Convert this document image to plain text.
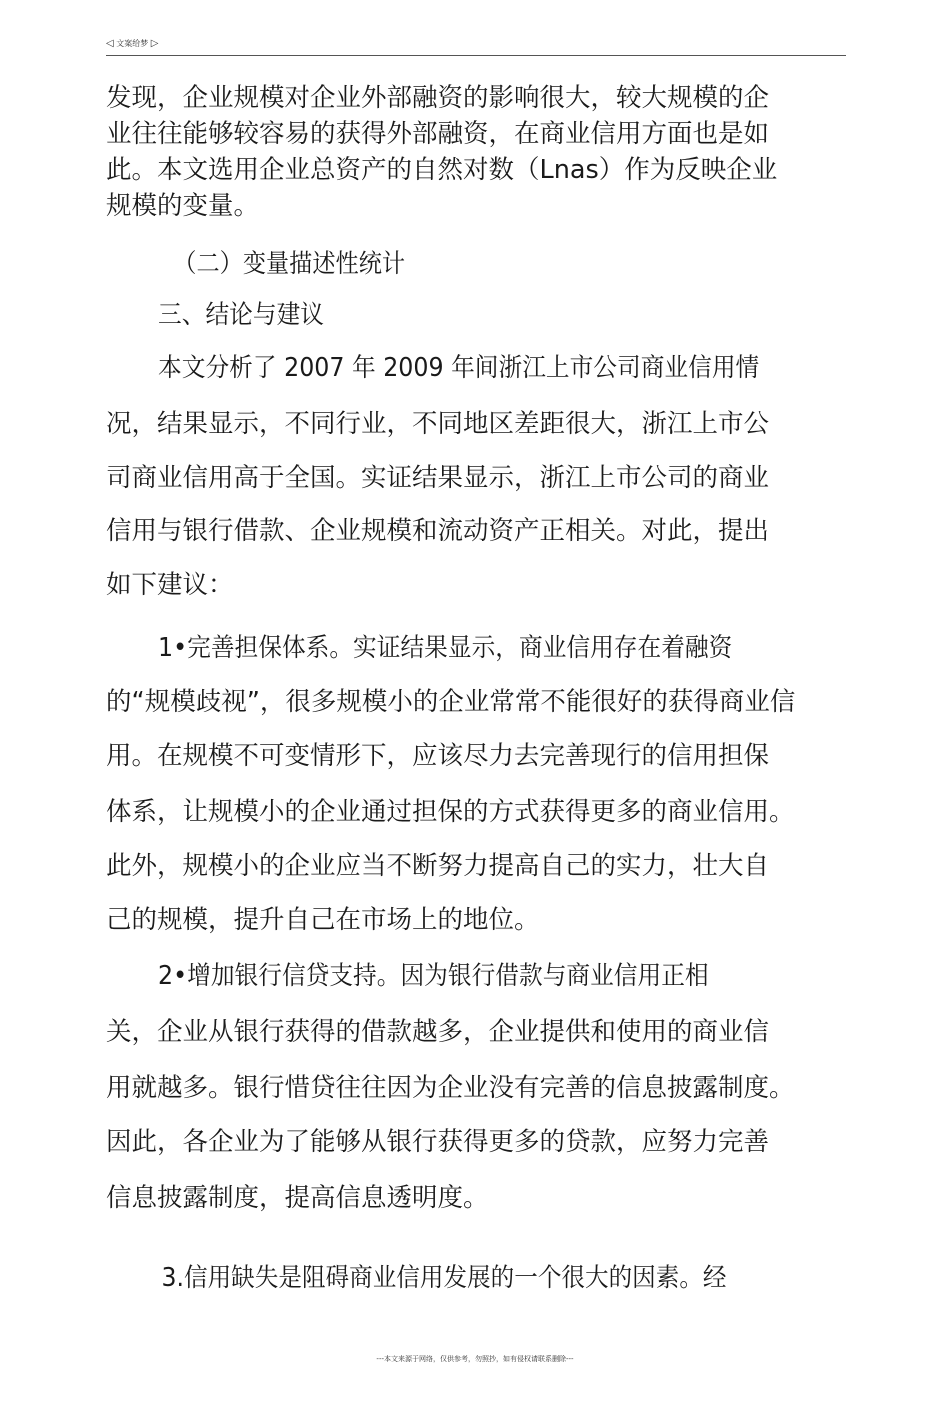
◁ 文案给梦 ▷
发现，企业规模对企业外部融资的影响很大，较大规模的企
业往往能够较容易的获得外部融资，在商业信用方面也是如
此。本文选用企业总资产的自然对数（Lnas）作为反映企业
规模的变量。
（二）变量描述性统计
三、结论与建议
本文分析了 2007 年 2009 年间浙江上市公司商业信用情
况，结果显示，不同行业，不同地区差距很大，浙江上市公
司商业信用高于全国。实证结果显示，浙江上市公司的商业
信用与银行借款、企业规模和流动资产正相关。对此，提出
如下建议：
1•完善担保体系。实证结果显示，商业信用存在着融资
的“规模歧视”，很多规模小的企业常常不能很好的获得商业信
用。在规模不可变情形下，应该尽力去完善现行的信用担保
体系，让规模小的企业通过担保的方式获得更多的商业信用。
此外，规模小的企业应当不断努力提高自己的实力，壮大自
己的规模，提升自己在市场上的地位。
2•增加银行信贷支持。因为银行借款与商业信用正相
关，企业从银行获得的借款越多，企业提供和使用的商业信
用就越多。银行惜贷往往因为企业没有完善的信息披露制度。
因此，各企业为了能够从银行获得更多的贷款，应努力完善
信息披露制度，提高信息透明度。
3.信用缺失是阻碍商业信用发展的一个很大的因素。经
---本文来源于网络，仅供参考，勿照抄，如有侵权请联系删除---
